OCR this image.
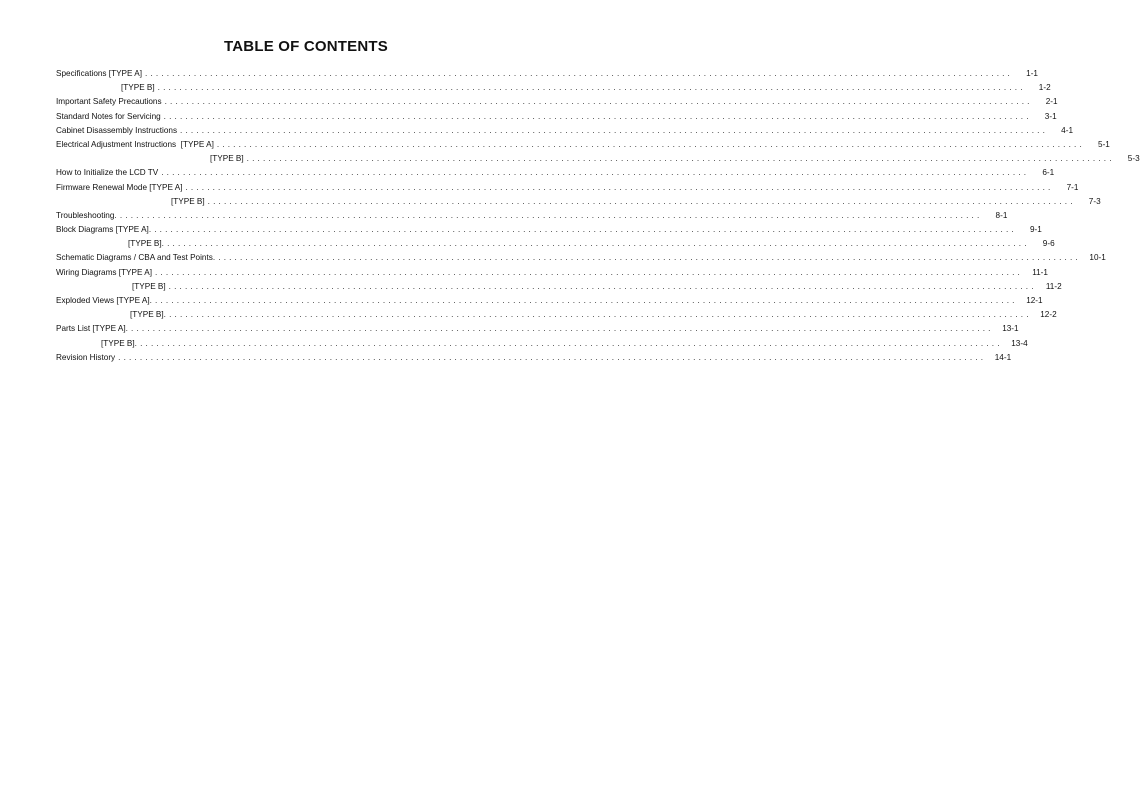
TABLE OF CONTENTS
Specifications [TYPE A] ................................................................................................................................................................	1-1
[TYPE B] ................................................................................................................................................................	1-2
Important Safety Precautions ................................................................................................................................................................	2-1
Standard Notes for Servicing ................................................................................................................................................................	3-1
Cabinet Disassembly Instructions ................................................................................................................................................................	4-1
Electrical Adjustment Instructions  [TYPE A] ................................................................................................................................................................	5-1
[TYPE B] ................................................................................................................................................................	5-3
How to Initialize the LCD TV ................................................................................................................................................................	6-1
Firmware Renewal Mode [TYPE A] ................................................................................................................................................................	7-1
[TYPE B] ................................................................................................................................................................	7-3
Troubleshooting ................................................................................................................................................................	8-1
Block Diagrams [TYPE A] ................................................................................................................................................................	9-1
[TYPE B] ................................................................................................................................................................	9-6
Schematic Diagrams / CBA and Test Points ................................................................................................................................................................	10-1
Wiring Diagrams [TYPE A] ................................................................................................................................................................	11-1
[TYPE B] ................................................................................................................................................................	11-2
Exploded Views [TYPE A] ................................................................................................................................................................	12-1
[TYPE B] ................................................................................................................................................................	12-2
Parts List [TYPE A] ................................................................................................................................................................	13-1
[TYPE B] ................................................................................................................................................................	13-4
Revision History ................................................................................................................................................................	14-1
